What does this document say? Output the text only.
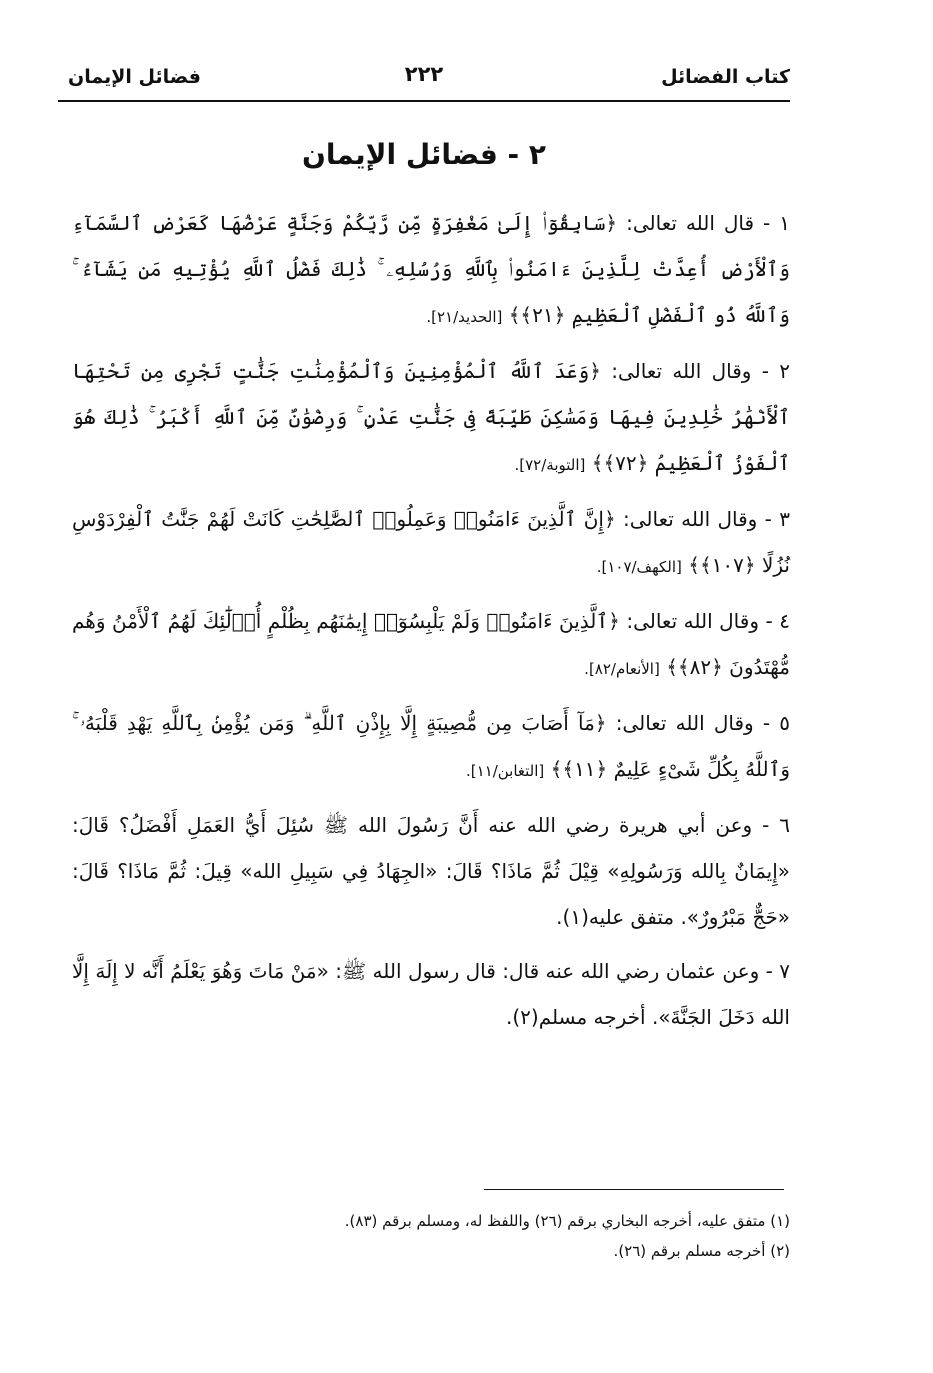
كتاب الفضائل
٢٢٢
فضائل الإيمان
٢ - فضائل الإيمان

١ - قال الله تعالى: ﴿سَابِقُوٓا۟ إِلَىٰ مَغْفِرَةٍ مِّن رَّبِّكُمْ وَجَنَّةٍ عَرْضُهَا كَعَرْضِ ٱلسَّمَآءِ وَٱلْأَرْضِ أُعِدَّتْ لِلَّذِينَ ءَامَنُوا۟ بِٱللَّهِ وَرُسُلِهِۦ ۚ ذَٰلِكَ فَضْلُ ٱللَّهِ يُؤْتِيهِ مَن يَشَآءُ ۚ وَٱللَّهُ ذُو ٱلْفَضْلِ ٱلْعَظِيمِ ﴿٢١﴾﴾ [الحديد/٢١].

٢ - وقال الله تعالى: ﴿وَعَدَ ٱللَّهُ ٱلْمُؤْمِنِينَ وَٱلْمُؤْمِنَٰتِ جَنَّٰتٍ تَجْرِى مِن تَحْتِهَا ٱلْأَنْهَٰرُ خَٰلِدِينَ فِيهَا وَمَسَٰكِنَ طَيِّبَةً فِى جَنَّٰتِ عَدْنٍ ۚ وَرِضْوَٰنٌ مِّنَ ٱللَّهِ أَكْبَرُ ۚ ذَٰلِكَ هُوَ ٱلْفَوْزُ ٱلْعَظِيمُ ﴿٧٢﴾﴾ [التوبة/٧٢].

٣ - وقال الله تعالى: ﴿إِنَّ ٱلَّذِينَ ءَامَنُوا۟ وَعَمِلُوا۟ ٱلصَّٰلِحَٰتِ كَانَتْ لَهُمْ جَنَّٰتُ ٱلْفِرْدَوْسِ نُزُلًا ﴿١٠٧﴾﴾ [الكهف/١٠٧].

٤ - وقال الله تعالى: ﴿ٱلَّذِينَ ءَامَنُوا۟ وَلَمْ يَلْبِسُوٓا۟ إِيمَٰنَهُم بِظُلْمٍ أُو۟لَٰٓئِكَ لَهُمُ ٱلْأَمْنُ وَهُم مُّهْتَدُونَ ﴿٨٢﴾﴾ [الأنعام/٨٢].

٥ - وقال الله تعالى: ﴿مَآ أَصَابَ مِن مُّصِيبَةٍ إِلَّا بِإِذْنِ ٱللَّهِ ۗ وَمَن يُؤْمِنۢ بِٱللَّهِ يَهْدِ قَلْبَهُۥ ۚ وَٱللَّهُ بِكُلِّ شَىْءٍ عَلِيمٌ ﴿١١﴾﴾ [التغابن/١١].

٦ - وعن أبي هريرة رضي الله عنه أَنَّ رَسُولَ الله ﷺ سُئِلَ أَيُّ العَمَلِ أَفْضَلُ؟ قَالَ: «إِيمَانٌ بِالله وَرَسُولِهِ» قِيْلَ ثُمَّ مَاذَا؟ قَالَ: «الجِهَادُ فِي سَبِيلِ الله» قِيلَ: ثُمَّ مَاذَا؟ قَالَ: «حَجٌّ مَبْرُورٌ». متفق عليه(١).

٧ - وعن عثمان رضي الله عنه قال: قال رسول الله ﷺ: «مَنْ مَاتَ وَهُوَ يَعْلَمُ أَنَّه لا إِلَهَ إِلَّا الله دَخَلَ الجَنَّةَ». أخرجه مسلم(٢).

(١) متفق عليه، أخرجه البخاري برقم (٢٦) واللفظ له، ومسلم برقم (٨٣).

(٢) أخرجه مسلم برقم (٢٦).
